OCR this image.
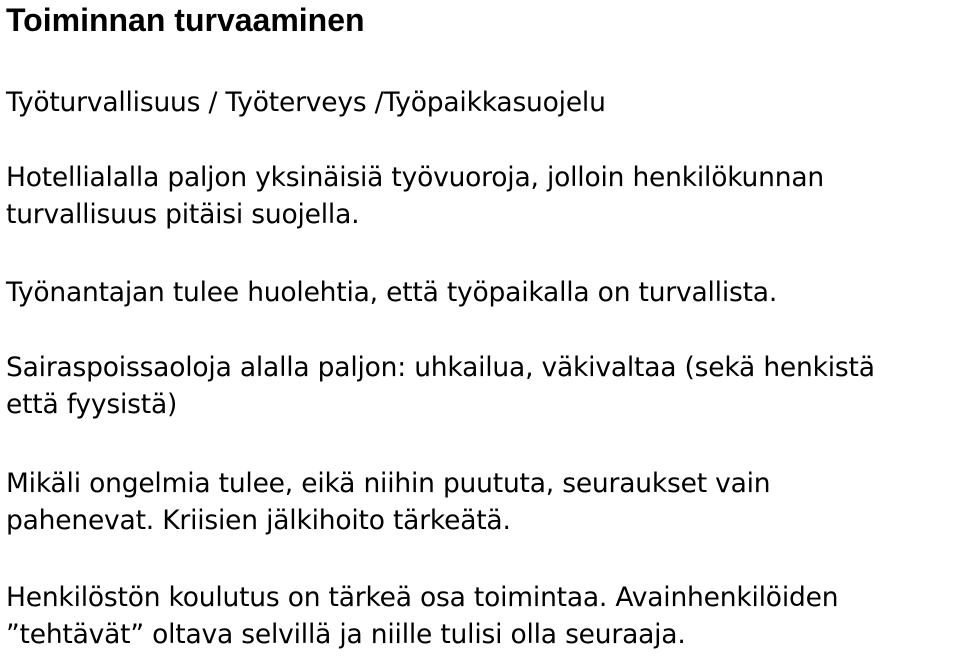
Toiminnan turvaaminen

Työturvallisuus / Työterveys /Työpaikkasuojelu

Hotellialalla paljon yksinäisiä työvuoroja, jolloin henkilökunnan
turvallisuus pitäisi suojella.

Työnantajan tulee huolehtia, että työpaikalla on turvallista.

Sairaspoissaoloja alalla paljon: uhkailua, väkivaltaa (sekä henkistä
että fyysistä)

Mikäli ongelmia tulee, eikä niihin puututa, seuraukset vain
pahenevat. Kriisien jälkihoito tärkeätä.

Henkilöstön koulutus on tärkeä osa toimintaa. Avainhenkilöiden
”tehtävät” oltava selvillä ja niille tulisi olla seuraaja.
